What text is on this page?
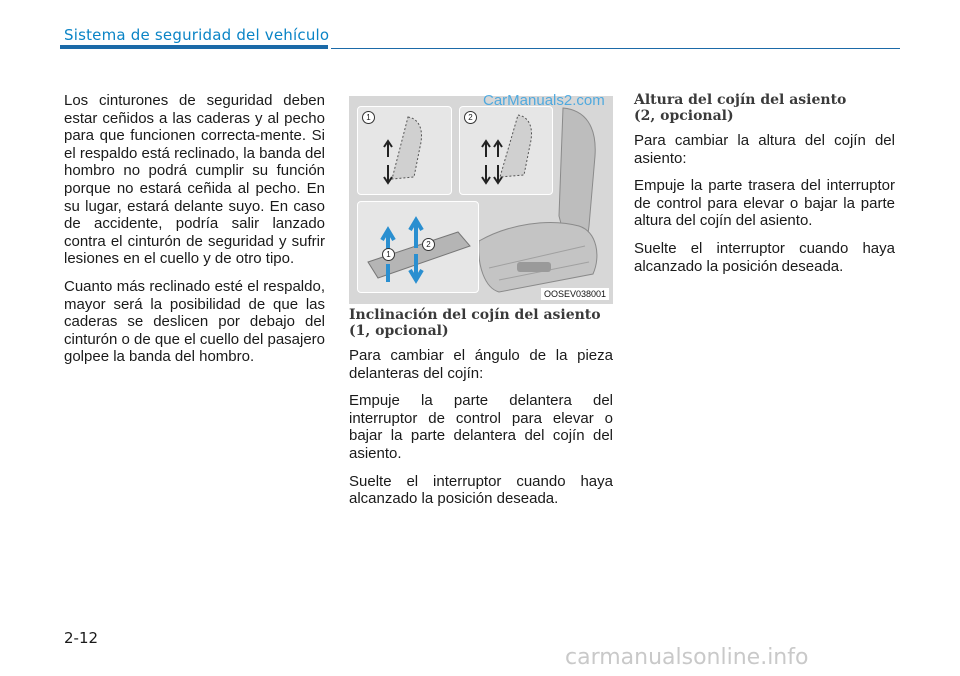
Sistema de seguridad del vehículo

Los cinturones de seguridad deben estar ceñidos a las caderas y al pecho para que funcionen correcta-mente. Si el respaldo está reclinado, la banda del hombro no podrá cumplir su función porque no estará ceñida al pecho. En su lugar, estará delante suyo. En caso de accidente, podría salir lanzado contra el cinturón de seguridad y sufrir lesiones en el cuello y de otro tipo.

Cuanto más reclinado esté el respaldo, mayor será la posibilidad de que las caderas se deslicen por debajo del cinturón o de que el cuello del pasajero golpee la banda del hombro.

1	2
1
2
OOSEV038001
CarManuals2.com
Inclinación del cojín del asiento
(1, opcional)

Para cambiar el ángulo de la pieza delanteras del cojín:

Empuje la parte delantera del interruptor de control para elevar o bajar la parte delantera del cojín del asiento.

Suelte el interruptor cuando haya alcanzado la posición deseada.

Altura del cojín del asiento
(2, opcional)

Para cambiar la altura del cojín del asiento:

Empuje la parte trasera del interruptor de control para elevar o bajar la parte altura del cojín del asiento.

Suelte el interruptor cuando haya alcanzado la posición deseada.

2-12
carmanualsonline.info
